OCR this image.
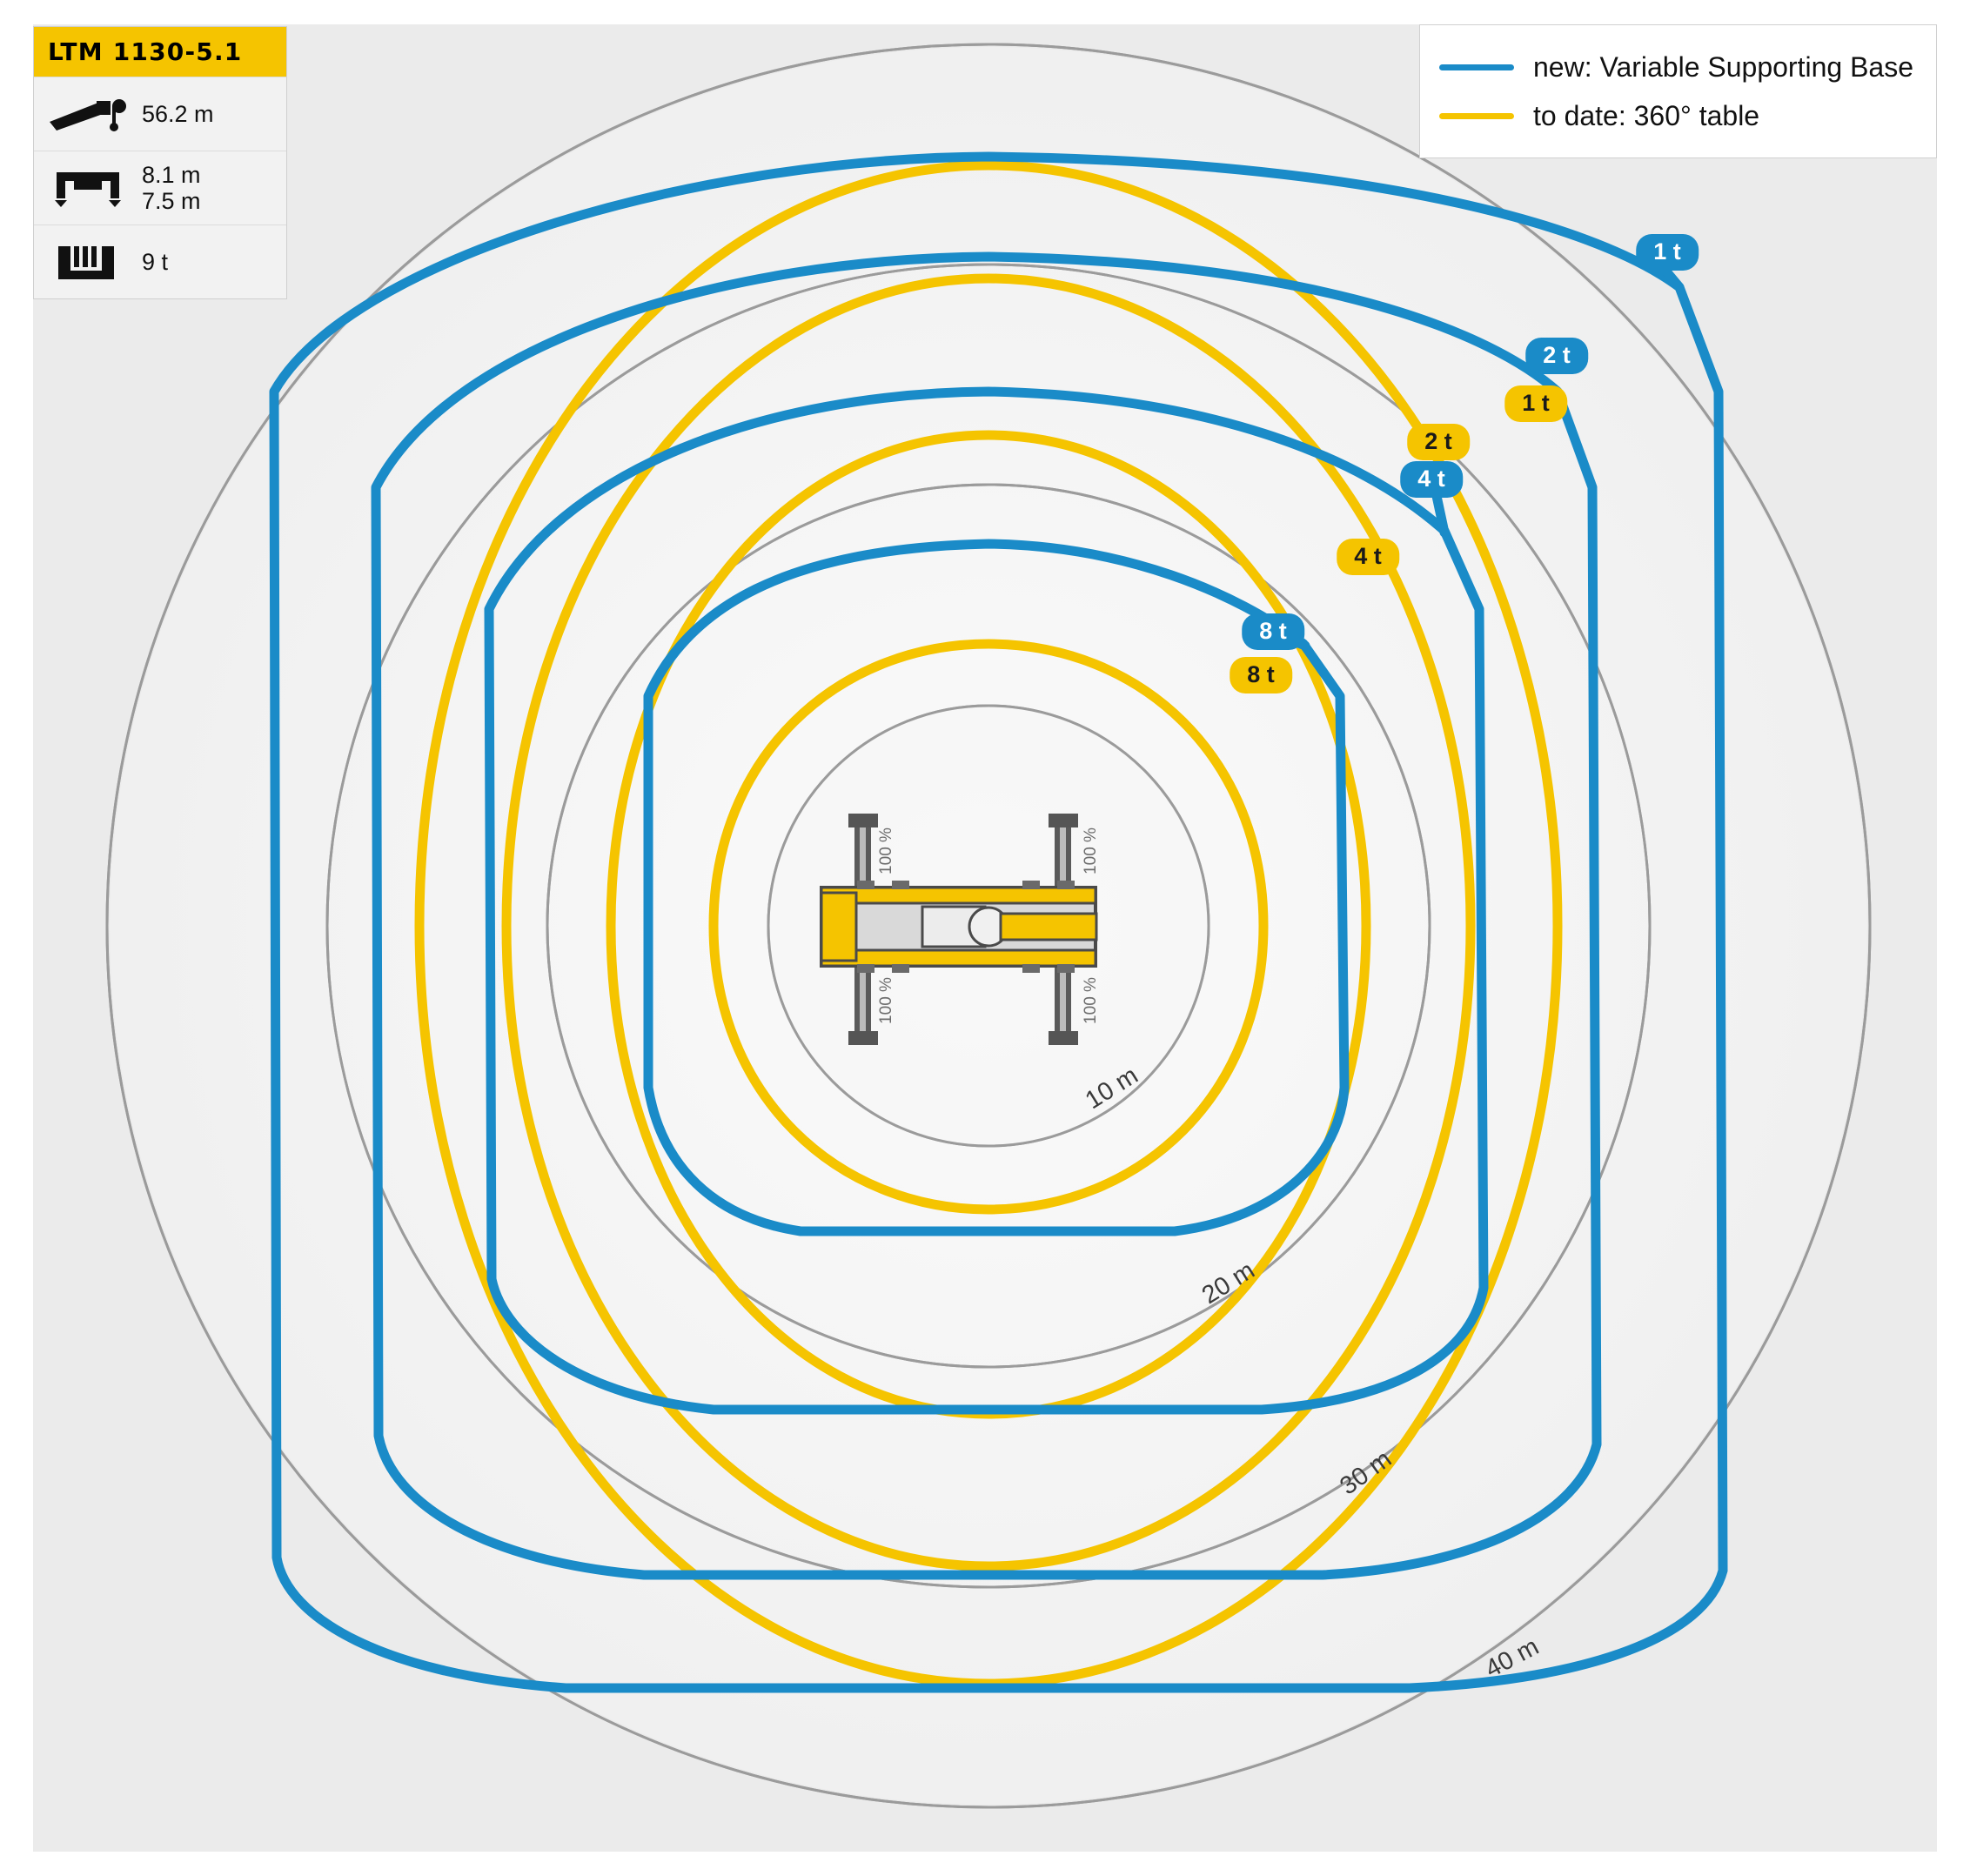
LTM 1130-5.1
56.2 m
8.1 m
7.5 m
9 t
new: Variable Supporting Base
to date: 360° table
1 t
2 t
1 t
2 t
4 t
4 t
8 t
8 t
10 m
20 m
30 m
40 m
100 %	100 %
100 %	100 %
